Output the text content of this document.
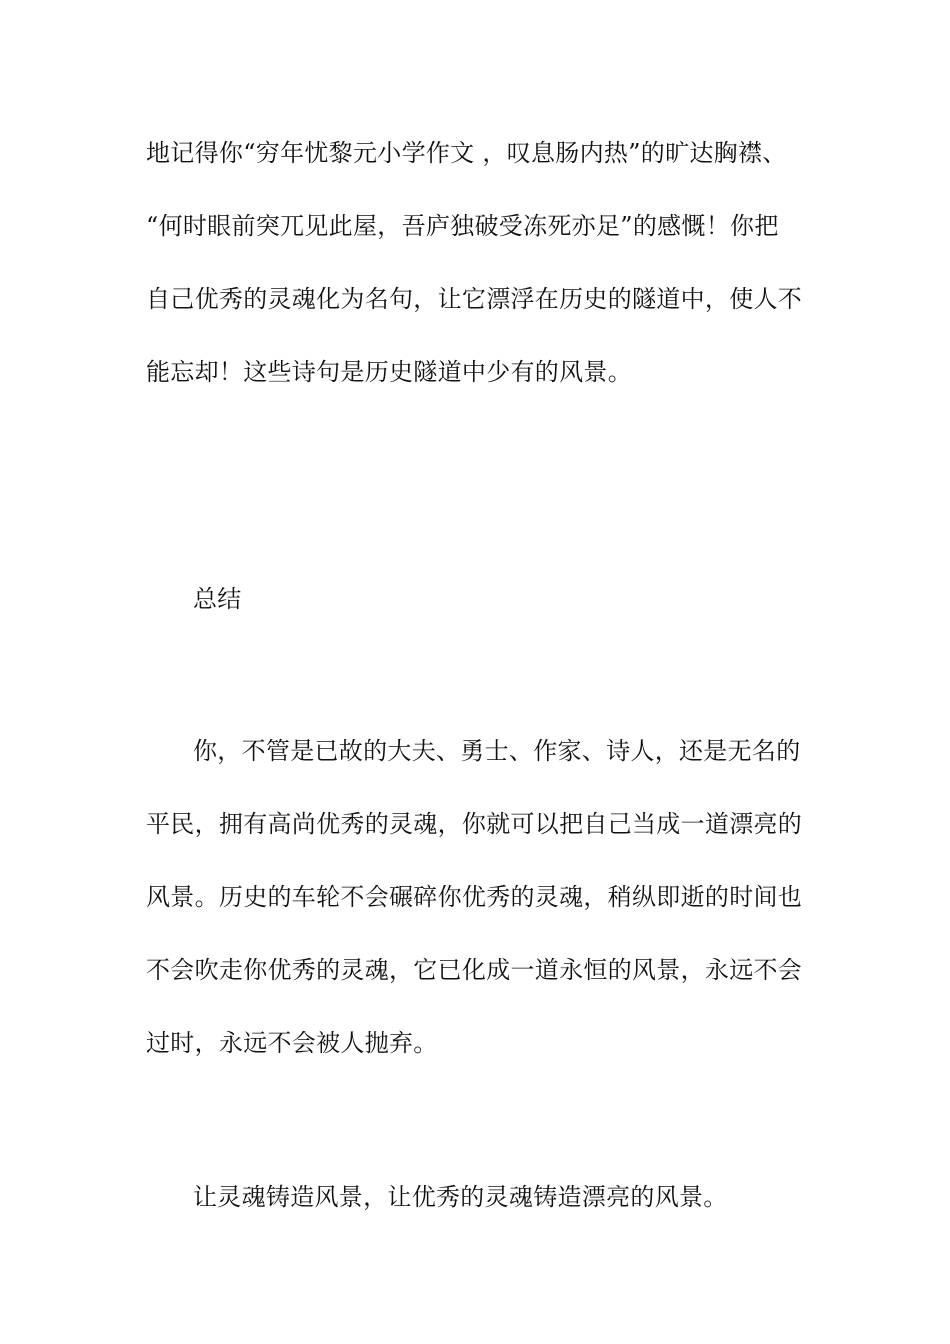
地记得你“穷年忧黎元小学作文 ，叹息肠内热”的旷达胸襟、
“何时眼前突兀见此屋，吾庐独破受冻死亦足”的感慨！你把
自己优秀的灵魂化为名句，让它漂浮在历史的隧道中，使人不
能忘却！这些诗句是历史隧道中少有的风景。
总结
你，不管是已故的大夫、勇士、作家、诗人，还是无名的
平民，拥有高尚优秀的灵魂，你就可以把自己当成一道漂亮的
风景。历史的车轮不会碾碎你优秀的灵魂，稍纵即逝的时间也
不会吹走你优秀的灵魂，它已化成一道永恒的风景，永远不会
过时，永远不会被人抛弃。
让灵魂铸造风景，让优秀的灵魂铸造漂亮的风景。
